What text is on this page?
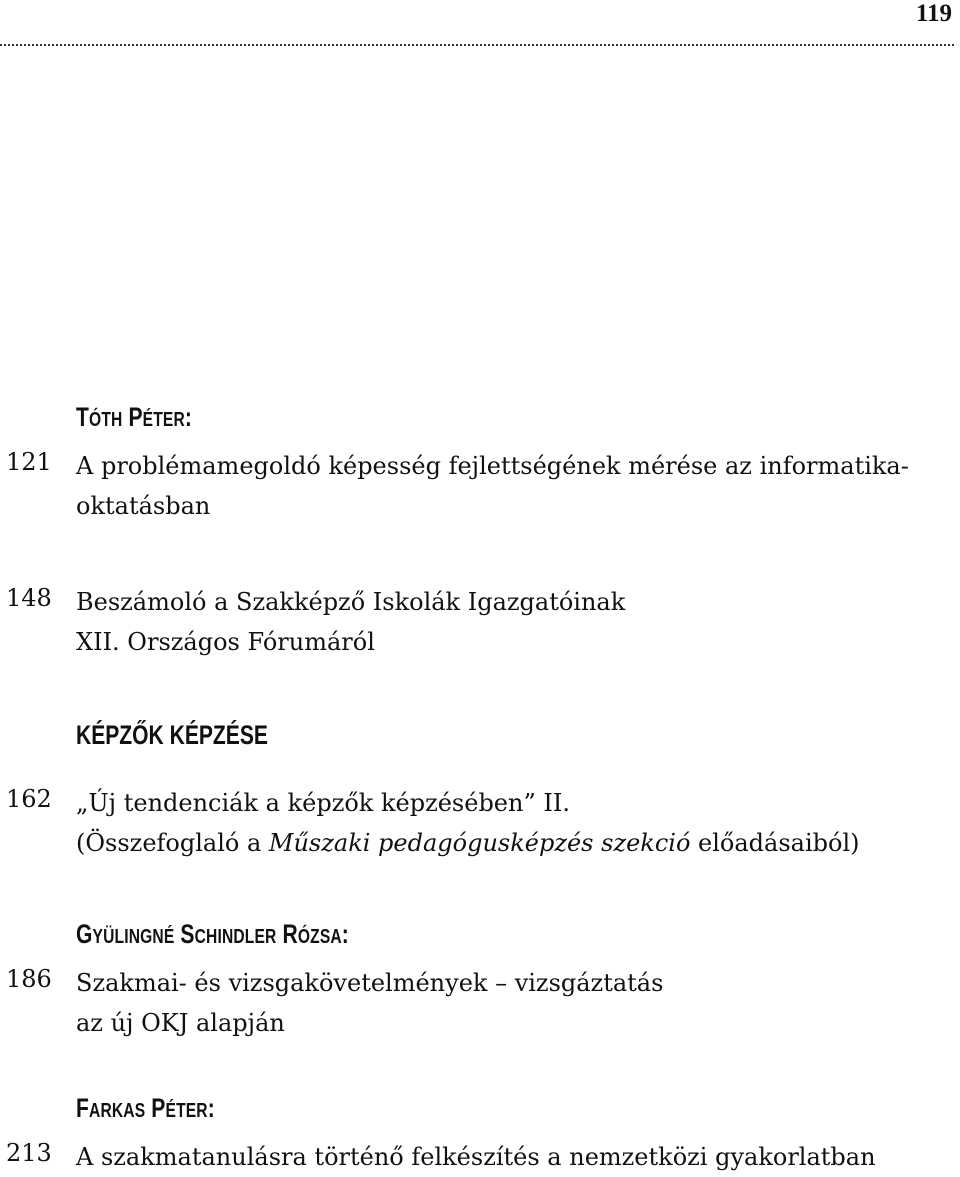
119
TÓTH PÉTER:
121 A problémamegoldó képesség fejlettségének mérése az informatika-
oktatásban
148 Beszámoló a Szakképző Iskolák Igazgatóinak
XII. Országos Fórumáról
KÉPZŐK KÉPZÉSE
162 „Új tendenciák a képzők képzésében” II.
(Összefoglaló a Műszaki pedagógusképzés szekció előadásaiból)
GYÜLINGNÉ SCHINDLER RÓZSA:
186 Szakmai- és vizsgakövetelmények – vizsgáztatás
az új OKJ alapján
FARKAS PÉTER:
213 A szakmatanulásra történő felkészítés a nemzetközi gyakorlatban
